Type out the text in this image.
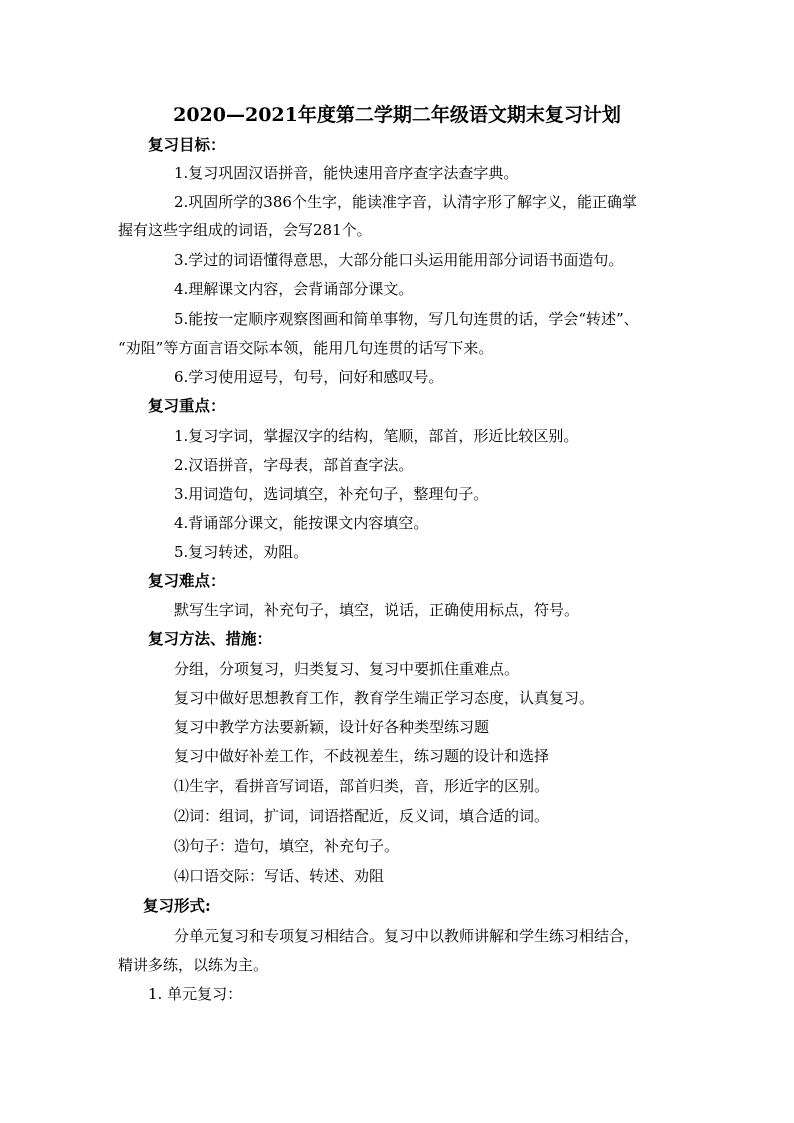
2020—2021年度第二学期二年级语文期末复习计划
复习目标：
1.复习巩固汉语拼音，能快速用音序查字法查字典。
2.巩固所学的386个生字，能读准字音，认清字形了解字义，能正确掌
握有这些字组成的词语，会写281个。
3.学过的词语懂得意思，大部分能口头运用能用部分词语书面造句。
4.理解课文内容，会背诵部分课文。
5.能按一定顺序观察图画和简单事物，写几句连贯的话，学会“转述”、
“劝阻”等方面言语交际本领，能用几句连贯的话写下来。
6.学习使用逗号，句号，问好和感叹号。
复习重点：
1.复习字词，掌握汉字的结构，笔顺，部首，形近比较区别。
2.汉语拼音，字母表，部首查字法。
3.用词造句，选词填空，补充句子，整理句子。
4.背诵部分课文，能按课文内容填空。
5.复习转述，劝阻。
复习难点：
默写生字词，补充句子，填空，说话，正确使用标点，符号。
复习方法、措施：
分组，分项复习，归类复习、复习中要抓住重难点。
复习中做好思想教育工作，教育学生端正学习态度，认真复习。
复习中教学方法要新颖，设计好各种类型练习题
复习中做好补差工作，不歧视差生，练习题的设计和选择
⑴生字，看拼音写词语，部首归类，音，形近字的区别。
⑵词：组词，扩词，词语搭配近，反义词，填合适的词。
⑶句子：造句，填空，补充句子。
⑷口语交际：写话、转述、劝阻
复习形式:
分单元复习和专项复习相结合。复习中以教师讲解和学生练习相结合，
精讲多练，以练为主。
1. 单元复习：
